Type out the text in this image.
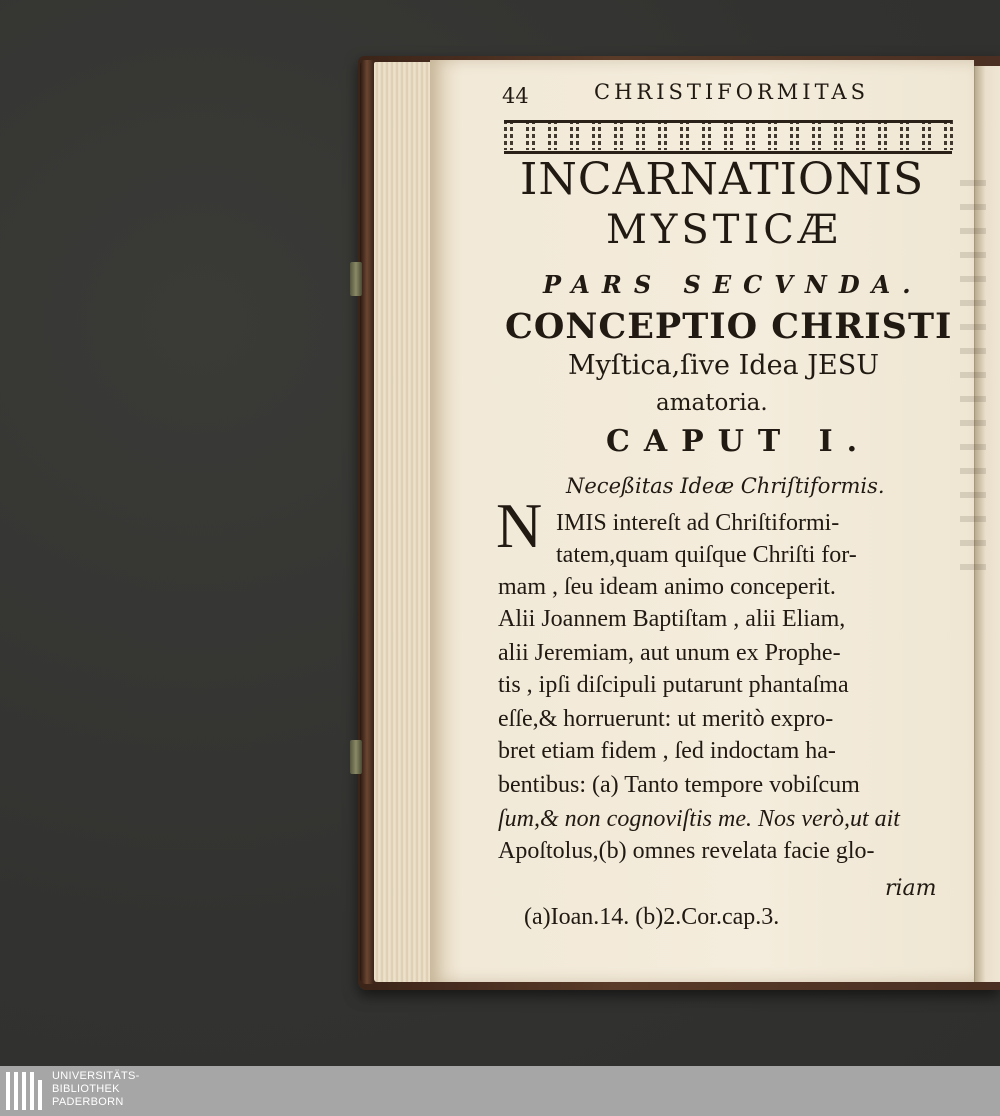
44	CHRISTIFORMITAS
INCARNATIONIS
MYSTICÆ
PARS SECVNDA.
CONCEPTIO CHRISTI
Myſtica,ſive Idea JESU
amatoria.
CAPUT I.
Neceßitas Ideæ Chriſtiformis.
N IMIS intereſt ad Chriſtiformi-
tatem,quam quiſque Chriſti for-
mam , ſeu ideam animo conceperit.
Alii Joannem Baptiſtam , alii Eliam,
alii Jeremiam, aut unum ex Prophe-
tis , ipſi diſcipuli putarunt phantaſma
eſſe,& horruerunt: ut meritò expro-
bret etiam fidem , ſed indoctam ha-
bentibus: (a) Tanto tempore vobiſcum
ſum,& non cognoviſtis me. Nos verò,ut ait
Apoſtolus,(b) omnes revelata facie glo-
riam
(a)Ioan.14. (b)2.Cor.cap.3.
UNIVERSITÄTS-
BIBLIOTHEK
PADERBORN
